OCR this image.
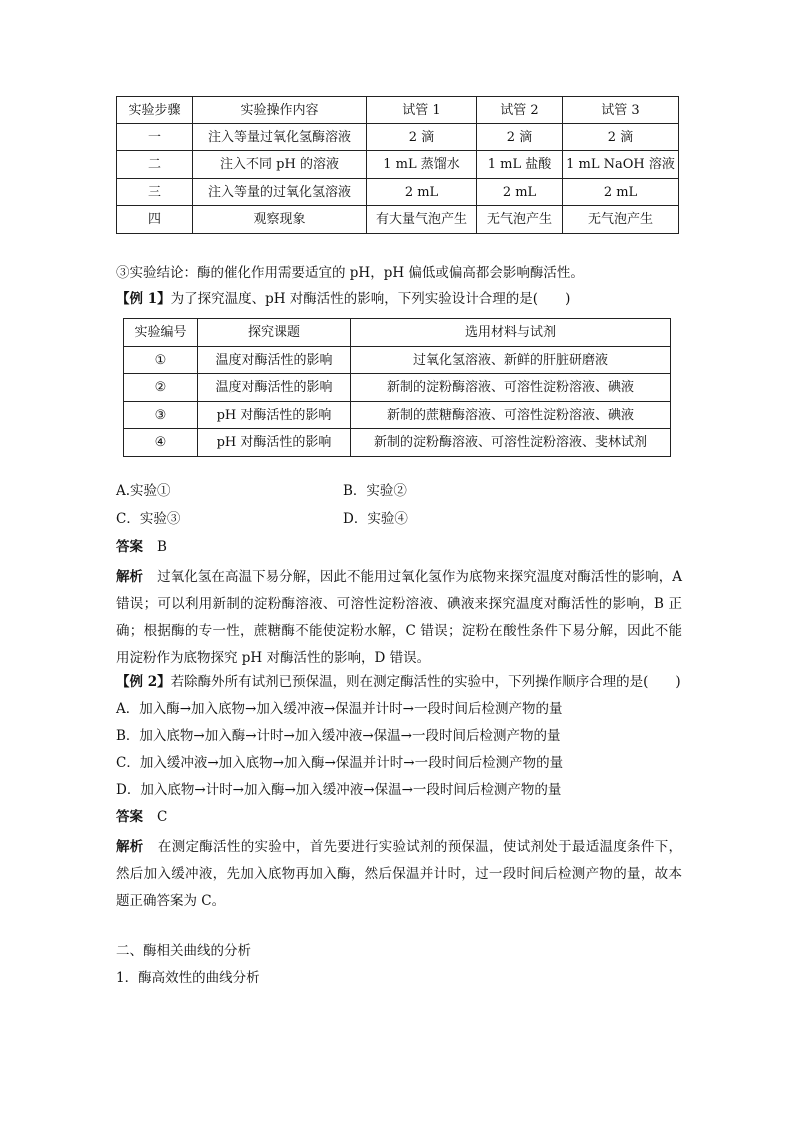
实验步骤	实验操作内容	试管 1	试管 2	试管 3
一	注入等量过氧化氢酶溶液	2 滴	2 滴	2 滴
二	注入不同 pH 的溶液	1 mL 蒸馏水	1 mL 盐酸	1 mL NaOH 溶液
三	注入等量的过氧化氢溶液	2 mL	2 mL	2 mL
四	观察现象	有大量气泡产生	无气泡产生	无气泡产生
③实验结论：酶的催化作用需要适宜的 pH，pH 偏低或偏高都会影响酶活性。
【例 1】为了探究温度、pH 对酶活性的影响，下列实验设计合理的是(　　)
实验编号	探究课题	选用材料与试剂
①	温度对酶活性的影响	过氧化氢溶液、新鲜的肝脏研磨液
②	温度对酶活性的影响	新制的淀粉酶溶液、可溶性淀粉溶液、碘液
③	pH 对酶活性的影响	新制的蔗糖酶溶液、可溶性淀粉溶液、碘液
④	pH 对酶活性的影响	新制的淀粉酶溶液、可溶性淀粉溶液、斐林试剂
A.实验①	B．实验②
C．实验③	D．实验④
答案 B
解析 过氧化氢在高温下易分解，因此不能用过氧化氢作为底物来探究温度对酶活性的影响，A 错误；可以利用新制的淀粉酶溶液、可溶性淀粉溶液、碘液来探究温度对酶活性的影响，B 正确；根据酶的专一性，蔗糖酶不能使淀粉水解，C 错误；淀粉在酸性条件下易分解，因此不能用淀粉作为底物探究 pH 对酶活性的影响，D 错误。
【例 2】若除酶外所有试剂已预保温，则在测定酶活性的实验中，下列操作顺序合理的是(　　)
A．加入酶→加入底物→加入缓冲液→保温并计时→一段时间后检测产物的量
B．加入底物→加入酶→计时→加入缓冲液→保温→一段时间后检测产物的量
C．加入缓冲液→加入底物→加入酶→保温并计时→一段时间后检测产物的量
D．加入底物→计时→加入酶→加入缓冲液→保温→一段时间后检测产物的量
答案 C
解析 在测定酶活性的实验中，首先要进行实验试剂的预保温，使试剂处于最适温度条件下，然后加入缓冲液，先加入底物再加入酶，然后保温并计时，过一段时间后检测产物的量，故本题正确答案为 C。
二、酶相关曲线的分析
1．酶高效性的曲线分析
